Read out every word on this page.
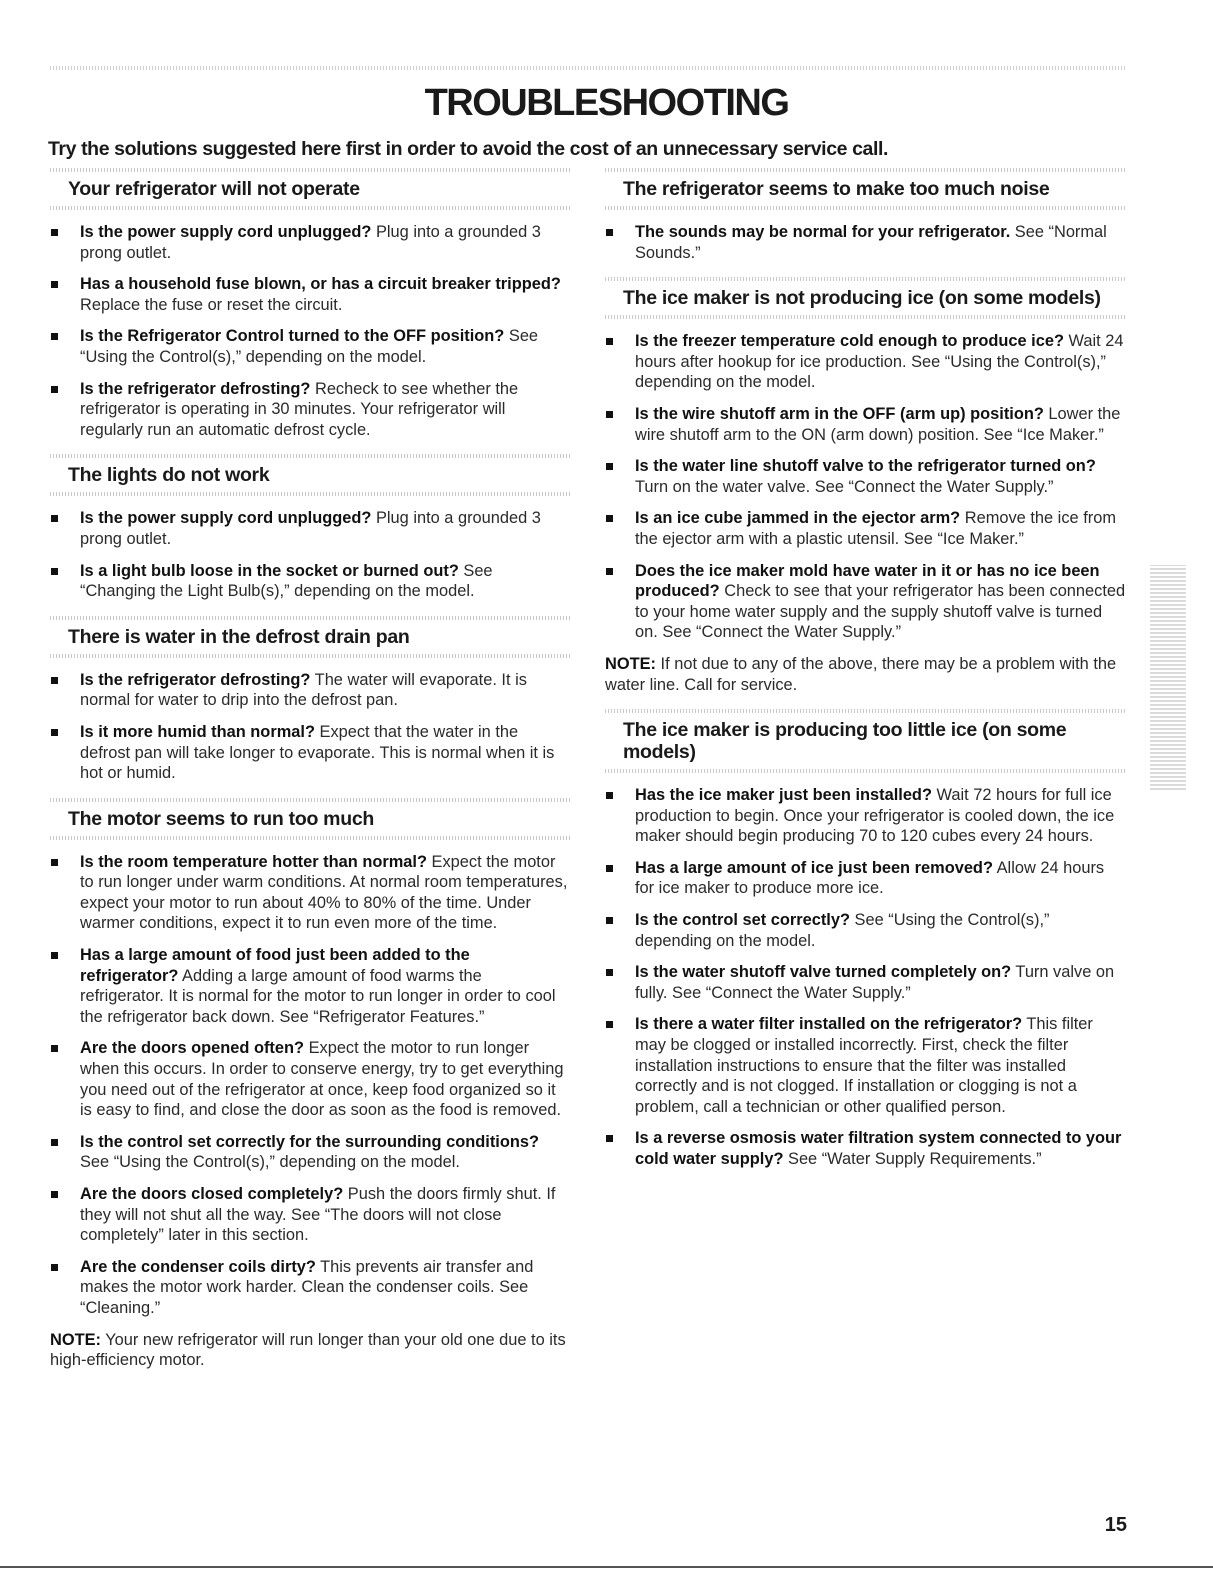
TROUBLESHOOTING

Try the solutions suggested here first in order to avoid the cost of an unnecessary service call.

Your refrigerator will not operate
Is the power supply cord unplugged? Plug into a grounded 3 prong outlet.
Has a household fuse blown, or has a circuit breaker tripped? Replace the fuse or reset the circuit.
Is the Refrigerator Control turned to the OFF position? See “Using the Control(s),” depending on the model.
Is the refrigerator defrosting? Recheck to see whether the refrigerator is operating in 30 minutes. Your refrigerator will regularly run an automatic defrost cycle.
The lights do not work
Is the power supply cord unplugged? Plug into a grounded 3 prong outlet.
Is a light bulb loose in the socket or burned out? See “Changing the Light Bulb(s),” depending on the model.
There is water in the defrost drain pan
Is the refrigerator defrosting? The water will evaporate. It is normal for water to drip into the defrost pan.
Is it more humid than normal? Expect that the water in the defrost pan will take longer to evaporate. This is normal when it is hot or humid.
The motor seems to run too much
Is the room temperature hotter than normal? Expect the motor to run longer under warm conditions. At normal room temperatures, expect your motor to run about 40% to 80% of the time. Under warmer conditions, expect it to run even more of the time.
Has a large amount of food just been added to the refrigerator? Adding a large amount of food warms the refrigerator. It is normal for the motor to run longer in order to cool the refrigerator back down. See “Refrigerator Features.”
Are the doors opened often? Expect the motor to run longer when this occurs. In order to conserve energy, try to get everything you need out of the refrigerator at once, keep food organized so it is easy to find, and close the door as soon as the food is removed.
Is the control set correctly for the surrounding conditions? See “Using the Control(s),” depending on the model.
Are the doors closed completely? Push the doors firmly shut. If they will not shut all the way. See “The doors will not close completely” later in this section.
Are the condenser coils dirty? This prevents air transfer and makes the motor work harder. Clean the condenser coils. See “Cleaning.”

NOTE: Your new refrigerator will run longer than your old one due to its high-efficiency motor.

The refrigerator seems to make too much noise
The sounds may be normal for your refrigerator. See “Normal Sounds.”
The ice maker is not producing ice (on some models)
Is the freezer temperature cold enough to produce ice? Wait 24 hours after hookup for ice production. See “Using the Control(s),” depending on the model.
Is the wire shutoff arm in the OFF (arm up) position? Lower the wire shutoff arm to the ON (arm down) position. See “Ice Maker.”
Is the water line shutoff valve to the refrigerator turned on? Turn on the water valve. See “Connect the Water Supply.”
Is an ice cube jammed in the ejector arm? Remove the ice from the ejector arm with a plastic utensil. See “Ice Maker.”
Does the ice maker mold have water in it or has no ice been produced? Check to see that your refrigerator has been connected to your home water supply and the supply shutoff valve is turned on. See “Connect the Water Supply.”

NOTE: If not due to any of the above, there may be a problem with the water line. Call for service.

The ice maker is producing too little ice (on some models)
Has the ice maker just been installed? Wait 72 hours for full ice production to begin. Once your refrigerator is cooled down, the ice maker should begin producing 70 to 120 cubes every 24 hours.
Has a large amount of ice just been removed? Allow 24 hours for ice maker to produce more ice.
Is the control set correctly? See “Using the Control(s),” depending on the model.
Is the water shutoff valve turned completely on? Turn valve on fully. See “Connect the Water Supply.”
Is there a water filter installed on the refrigerator? This filter may be clogged or installed incorrectly. First, check the filter installation instructions to ensure that the filter was installed correctly and is not clogged. If installation or clogging is not a problem, call a technician or other qualified person.
Is a reverse osmosis water filtration system connected to your cold water supply? See “Water Supply Requirements.”
15
